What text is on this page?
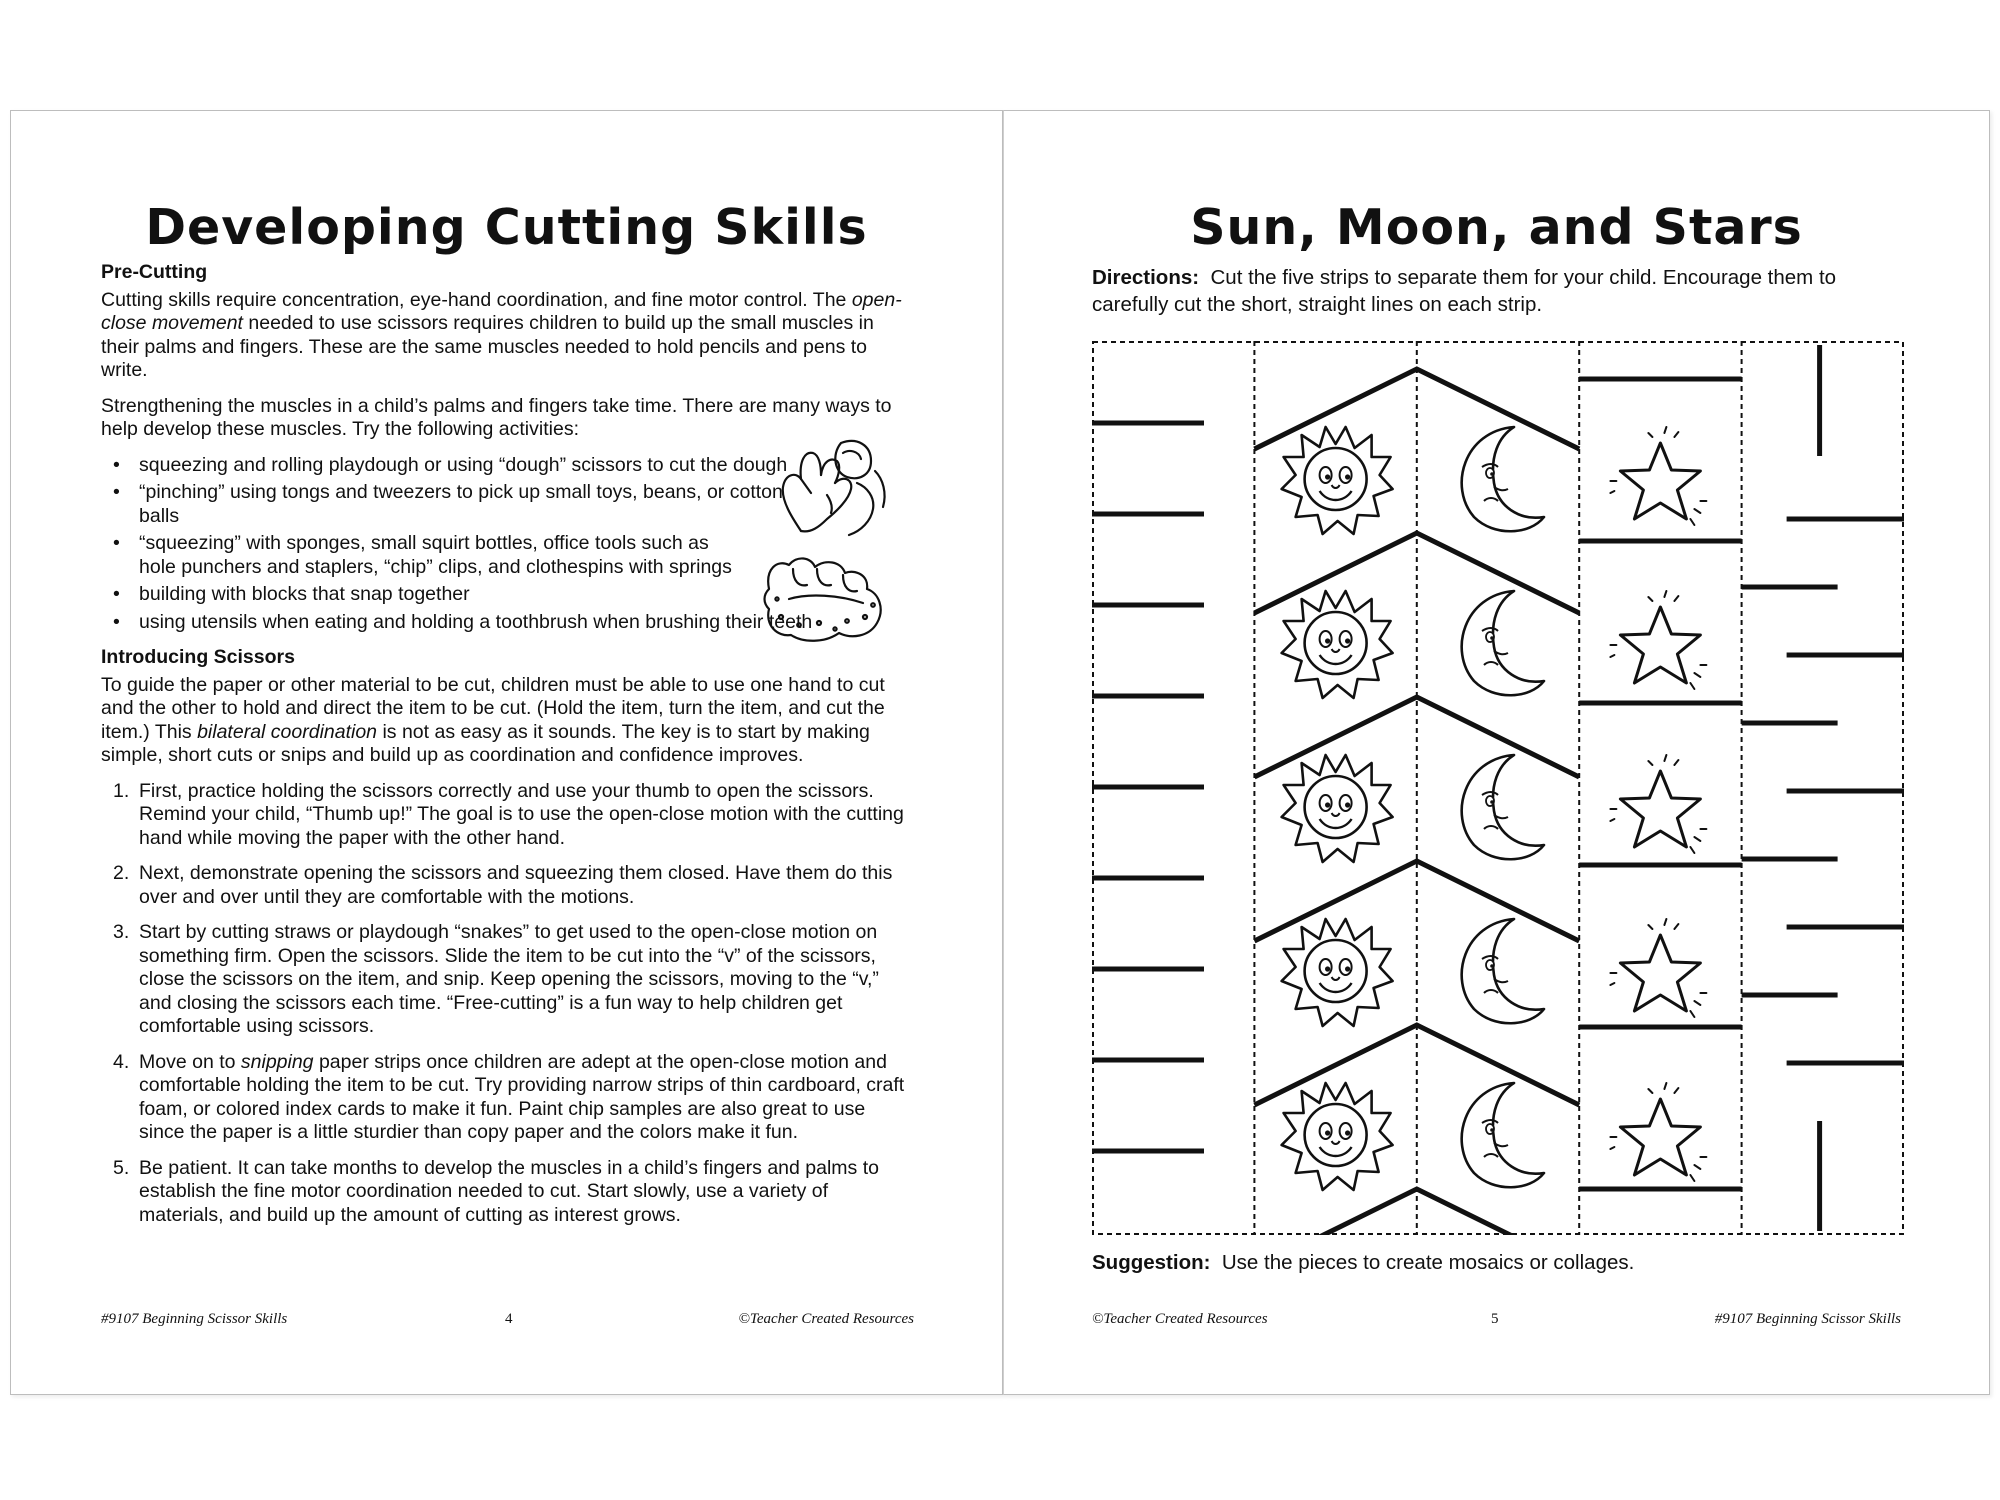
Developing Cutting Skills
Pre-Cutting

Cutting skills require concentration, eye-hand coordination, and fine motor control. The open-close movement needed to use scissors requires children to build up the small muscles in their palms and fingers. These are the same muscles needed to hold pencils and pens to write.

Strengthening the muscles in a child’s palms and fingers take time. There are many ways to help develop these muscles. Try the following activities:

• squeezing and rolling playdough or using “dough” scissors to cut the dough
• “pinching” using tongs and tweezers to pick up small toys, beans, or cotton balls
• “squeezing” with sponges, small squirt bottles, office tools such as hole punchers and staplers, “chip” clips, and clothespins with springs
• building with blocks that snap together
• using utensils when eating and holding a toothbrush when brushing their teeth
Introducing Scissors

To guide the paper or other material to be cut, children must be able to use one hand to cut and the other to hold and direct the item to be cut. (Hold the item, turn the item, and cut the item.) This bilateral coordination is not as easy as it sounds. The key is to start by making simple, short cuts or snips and build up as coordination and confidence improves.

1. First, practice holding the scissors correctly and use your thumb to open the scissors. Remind your child, “Thumb up!” The goal is to use the open-close motion with the cutting hand while moving the paper with the other hand.
2. Next, demonstrate opening the scissors and squeezing them closed. Have them do this over and over until they are comfortable with the motions.
3. Start by cutting straws or playdough “snakes” to get used to the open-close motion on something firm. Open the scissors. Slide the item to be cut into the “v” of the scissors, close the scissors on the item, and snip. Keep opening the scissors, moving to the “v,” and closing the scissors each time. “Free-cutting” is a fun way to help children get comfortable using scissors.
4. Move on to snipping paper strips once children are adept at the open-close motion and comfortable holding the item to be cut. Try providing narrow strips of thin cardboard, craft foam, or colored index cards to make it fun. Paint chip samples are also great to use since the paper is a little sturdier than copy paper and the colors make it fun.
5. Be patient. It can take months to develop the muscles in a child’s fingers and palms to establish the fine motor coordination needed to cut. Start slowly, use a variety of materials, and build up the amount of cutting as interest grows.
#9107 Beginning Scissor Skills	4	©Teacher Created Resources
Sun, Moon, and Stars
Directions: Cut the five strips to separate them for your child. Encourage them to carefully cut the short, straight lines on each strip.
Suggestion: Use the pieces to create mosaics or collages.
©Teacher Created Resources	5	#9107 Beginning Scissor Skills
